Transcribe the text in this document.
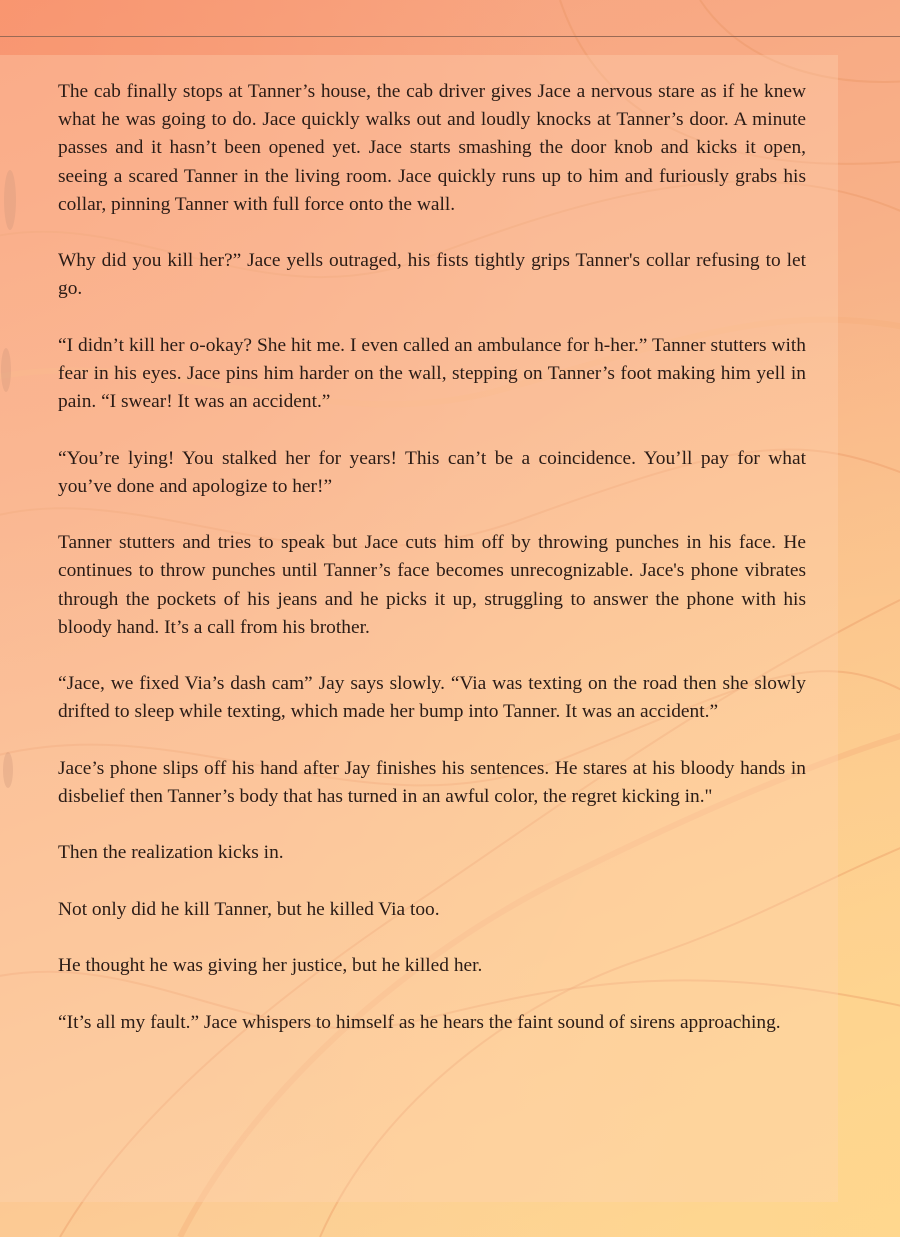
The cab finally stops at Tanner’s house, the cab driver gives Jace a nervous stare as if he knew what he was going to do. Jace quickly walks out and loudly knocks at Tanner’s door. A minute passes and it hasn’t been opened yet. Jace starts smashing the door knob and kicks it open, seeing a scared Tanner in the living room. Jace quickly runs up to him and furiously grabs his collar, pinning Tanner with full force onto the wall.

Why did you kill her?” Jace yells outraged, his fists tightly grips Tanner's collar refusing to let go.

“I didn’t kill her o-okay? She hit me. I even called an ambulance for h-her.” Tanner stutters with fear in his eyes. Jace pins him harder on the wall, stepping on Tanner’s foot making him yell in pain. “I swear! It was an accident.”

“You’re lying! You stalked her for years! This can’t be a coincidence. You’ll pay for what you’ve done and apologize to her!”

Tanner stutters and tries to speak but Jace cuts him off by throwing punches in his face. He continues to throw punches until Tanner’s face becomes unrecognizable. Jace's phone vibrates through the pockets of his jeans and he picks it up, struggling to answer the phone with his bloody hand. It’s a call from his brother.

“Jace, we fixed Via’s dash cam” Jay says slowly. “Via was texting on the road then she slowly drifted to sleep while texting, which made her bump into Tanner. It was an accident.”

Jace’s phone slips off his hand after Jay finishes his sentences. He stares at his bloody hands in disbelief then Tanner’s body that has turned in an awful color, the regret kicking in."

Then the realization kicks in.

Not only did he kill Tanner, but he killed Via too.

He thought he was giving her justice, but he killed her.

“It’s all my fault.” Jace whispers to himself as he hears the faint sound of sirens approaching.
